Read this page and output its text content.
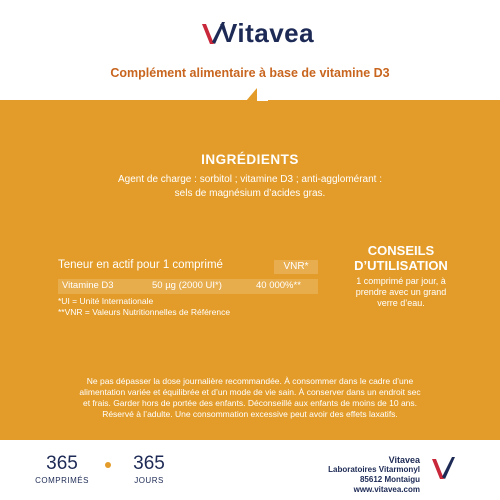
Vitavea
Complément alimentaire à base de vitamine D3
INGRÉDIENTS
Agent de charge : sorbitol ; vitamine D3 ; anti-agglomérant :
sels de magnésium d’acides gras.
Teneur en actif pour 1 comprimé	VNR*
Vitamine D3	50 µg (2000 UI*)	40 000%**
*UI = Unité Internationale
**VNR = Valeurs Nutritionnelles de Référence
CONSEILS
D’UTILISATION
1 comprimé par jour, à
prendre avec un grand
verre d’eau.
Ne pas dépasser la dose journalière recommandée. À consommer dans le cadre d’une
alimentation variée et équilibrée et d’un mode de vie sain. À conserver dans un endroit sec
et frais. Garder hors de portée des enfants. Déconseillé aux enfants de moins de 10 ans.
Réservé à l’adulte. Une consommation excessive peut avoir des effets laxatifs.
365
COMPRIMÉS
365
JOURS
Vitavea
Laboratoires Vitarmonyl
85612 Montaigu
www.vitavea.com
